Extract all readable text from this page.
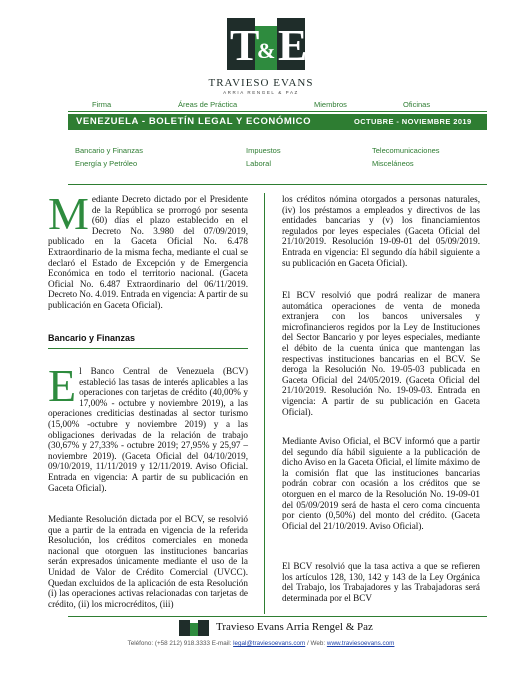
T
& E
TRAVIESO EVANS
ARRIA RENGEL & PAZ
Firma	Áreas de Práctica	Miembros	Oficinas
VENEZUELA - BOLETÍN LEGAL Y ECONÓMICO	OCTUBRE - NOVIEMBRE 2019
Bancario y Finanzas	Impuestos	Telecomunicaciones
Energía y Petróleo	Laboral	Misceláneos
Mediante Decreto dictado por el Presidente de la República se prorrogó por sesenta (60) días el plazo establecido en el Decreto No. 3.980 del 07/09/2019, publicado en la Gaceta Oficial No. 6.478 Extraordinario de la misma fecha, mediante el cual se declaró el Estado de Excepción y de Emergencia Económica en todo el territorio nacional. (Gaceta Oficial No. 6.487 Extraordinario del 06/11/2019. Decreto No. 4.019. Entrada en vigencia: A partir de su publicación en Gaceta Oficial).
Bancario y Finanzas
El Banco Central de Venezuela (BCV) estableció las tasas de interés aplicables a las operaciones con tarjetas de crédito (40,00% y 17,00% - octubre y noviembre 2019), a las operaciones crediticias destinadas al sector turismo (15,00% -octubre y noviembre 2019) y a las obligaciones derivadas de la relación de trabajo (30,67% y 27,33% - octubre 2019; 27,95% y 25,97 – noviembre 2019). (Gaceta Oficial del 04/10/2019, 09/10/2019, 11/11/2019 y 12/11/2019. Aviso Oficial. Entrada en vigencia: A partir de su publicación en Gaceta Oficial).
Mediante Resolución dictada por el BCV, se resolvió que a partir de la entrada en vigencia de la referida Resolución, los créditos comerciales en moneda nacional que otorguen las instituciones bancarias serán expresados únicamente mediante el uso de la Unidad de Valor de Crédito Comercial (UVCC). Quedan excluidos de la aplicación de esta Resolución (i) las operaciones activas relacionadas con tarjetas de crédito, (ii) los microcréditos, (iii)
los créditos nómina otorgados a personas naturales, (iv) los préstamos a empleados y directivos de las entidades bancarias y (v) los financiamientos regulados por leyes especiales (Gaceta Oficial del 21/10/2019. Resolución 19-09-01 del 05/09/2019. Entrada en vigencia: El segundo día hábil siguiente a su publicación en Gaceta Oficial).
El BCV resolvió que podrá realizar de manera automática operaciones de venta de moneda extranjera con los bancos universales y microfinancieros regidos por la Ley de Instituciones del Sector Bancario y por leyes especiales, mediante el débito de la cuenta única que mantengan las respectivas instituciones bancarias en el BCV. Se deroga la Resolución No. 19-05-03 publicada en Gaceta Oficial del 24/05/2019. (Gaceta Oficial del 21/10/2019. Resolución No. 19-09-03. Entrada en vigencia: A partir de su publicación en Gaceta Oficial).
Mediante Aviso Oficial, el BCV informó que a partir del segundo día hábil siguiente a la publicación de dicho Aviso en la Gaceta Oficial, el límite máximo de la comisión flat que las instituciones bancarias podrán cobrar con ocasión a los créditos que se otorguen en el marco de la Resolución No. 19-09-01 del 05/09/2019 será de hasta el cero coma cincuenta por ciento (0,50%) del monto del crédito. (Gaceta Oficial del 21/10/2019. Aviso Oficial).
El BCV resolvió que la tasa activa a que se refieren los artículos 128, 130, 142 y 143 de la Ley Orgánica del Trabajo, los Trabajadores y las Trabajadoras será determinada por el BCV
Travieso Evans Arria Rengel & Paz
Teléfono: (+58 212) 918.3333 E-mail: legal@traviesoevans.com / Web: www.traviesoevans.com
